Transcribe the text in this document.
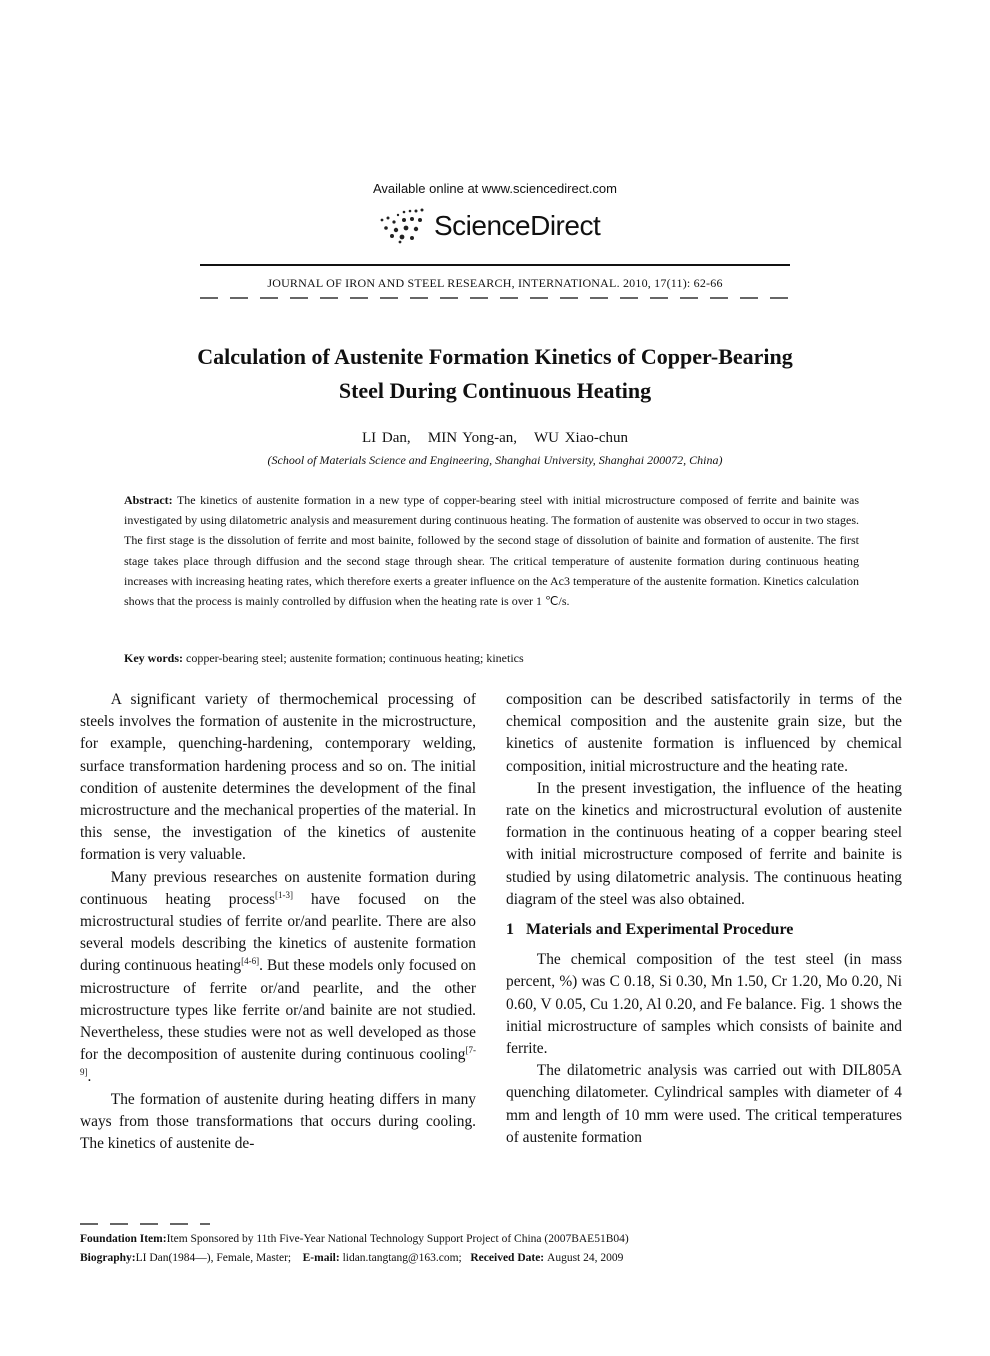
Available online at www.sciencedirect.com
ScienceDirect
JOURNAL OF IRON AND STEEL RESEARCH, INTERNATIONAL. 2010, 17(11): 62-66
Calculation of Austenite Formation Kinetics of Copper-Bearing
Steel During Continuous Heating
LI Dan,   MIN Yong-an,   WU Xiao-chun
(School of Materials Science and Engineering, Shanghai University, Shanghai 200072, China)

Abstract: The kinetics of austenite formation in a new type of copper-bearing steel with initial microstructure composed of ferrite and bainite was investigated by using dilatometric analysis and measurement during continuous heating. The formation of austenite was observed to occur in two stages. The first stage is the dissolution of ferrite and most bainite, followed by the second stage of dissolution of bainite and formation of austenite. The first stage takes place through diffusion and the second stage through shear. The critical temperature of austenite formation during continuous heating increases with increasing heating rates, which therefore exerts a greater influence on the Ac3 temperature of the austenite formation. Kinetics calculation shows that the process is mainly controlled by diffusion when the heating rate is over 1 ℃/s.

Key words: copper-bearing steel; austenite formation; continuous heating; kinetics

A significant variety of thermochemical processing of steels involves the formation of austenite in the microstructure, for example, quenching-hardening, contemporary welding, surface transformation hardening process and so on. The initial condition of austenite determines the development of the final microstructure and the mechanical properties of the material. In this sense, the investigation of the kinetics of austenite formation is very valuable.

Many previous researches on austenite formation during continuous heating process[1-3] have focused on the microstructural studies of ferrite or/and pearlite. There are also several models describing the kinetics of austenite formation during continuous heating[4-6]. But these models only focused on microstructure of ferrite or/and pearlite, and the other microstructure types like ferrite or/and bainite are not studied. Nevertheless, these studies were not as well developed as those for the decomposition of austenite during continuous cooling[7-9].

The formation of austenite during heating differs in many ways from those transformations that occurs during cooling. The kinetics of austenite de-

composition can be described satisfactorily in terms of the chemical composition and the austenite grain size, but the kinetics of austenite formation is influenced by chemical composition, initial microstructure and the heating rate.

In the present investigation, the influence of the heating rate on the kinetics and microstructural evolution of austenite formation in the continuous heating of a copper bearing steel with initial microstructure composed of ferrite and bainite is studied by using dilatometric analysis. The continuous heating diagram of the steel was also obtained.

1   Materials and Experimental Procedure

The chemical composition of the test steel (in mass percent, %) was C 0.18, Si 0.30, Mn 1.50, Cr 1.20, Mo 0.20, Ni 0.60, V 0.05, Cu 1.20, Al 0.20, and Fe balance. Fig. 1 shows the initial microstructure of samples which consists of bainite and ferrite.

The dilatometric analysis was carried out with DIL805A quenching dilatometer. Cylindrical samples with diameter of 4 mm and length of 10 mm were used. The critical temperatures of austenite formation

Foundation Item:Item Sponsored by 11th Five-Year National Technology Support Project of China (2007BAE51B04)
Biography:LI Dan(1984—), Female, Master; E-mail: lidan.tangtang@163.com; Received Date: August 24, 2009
